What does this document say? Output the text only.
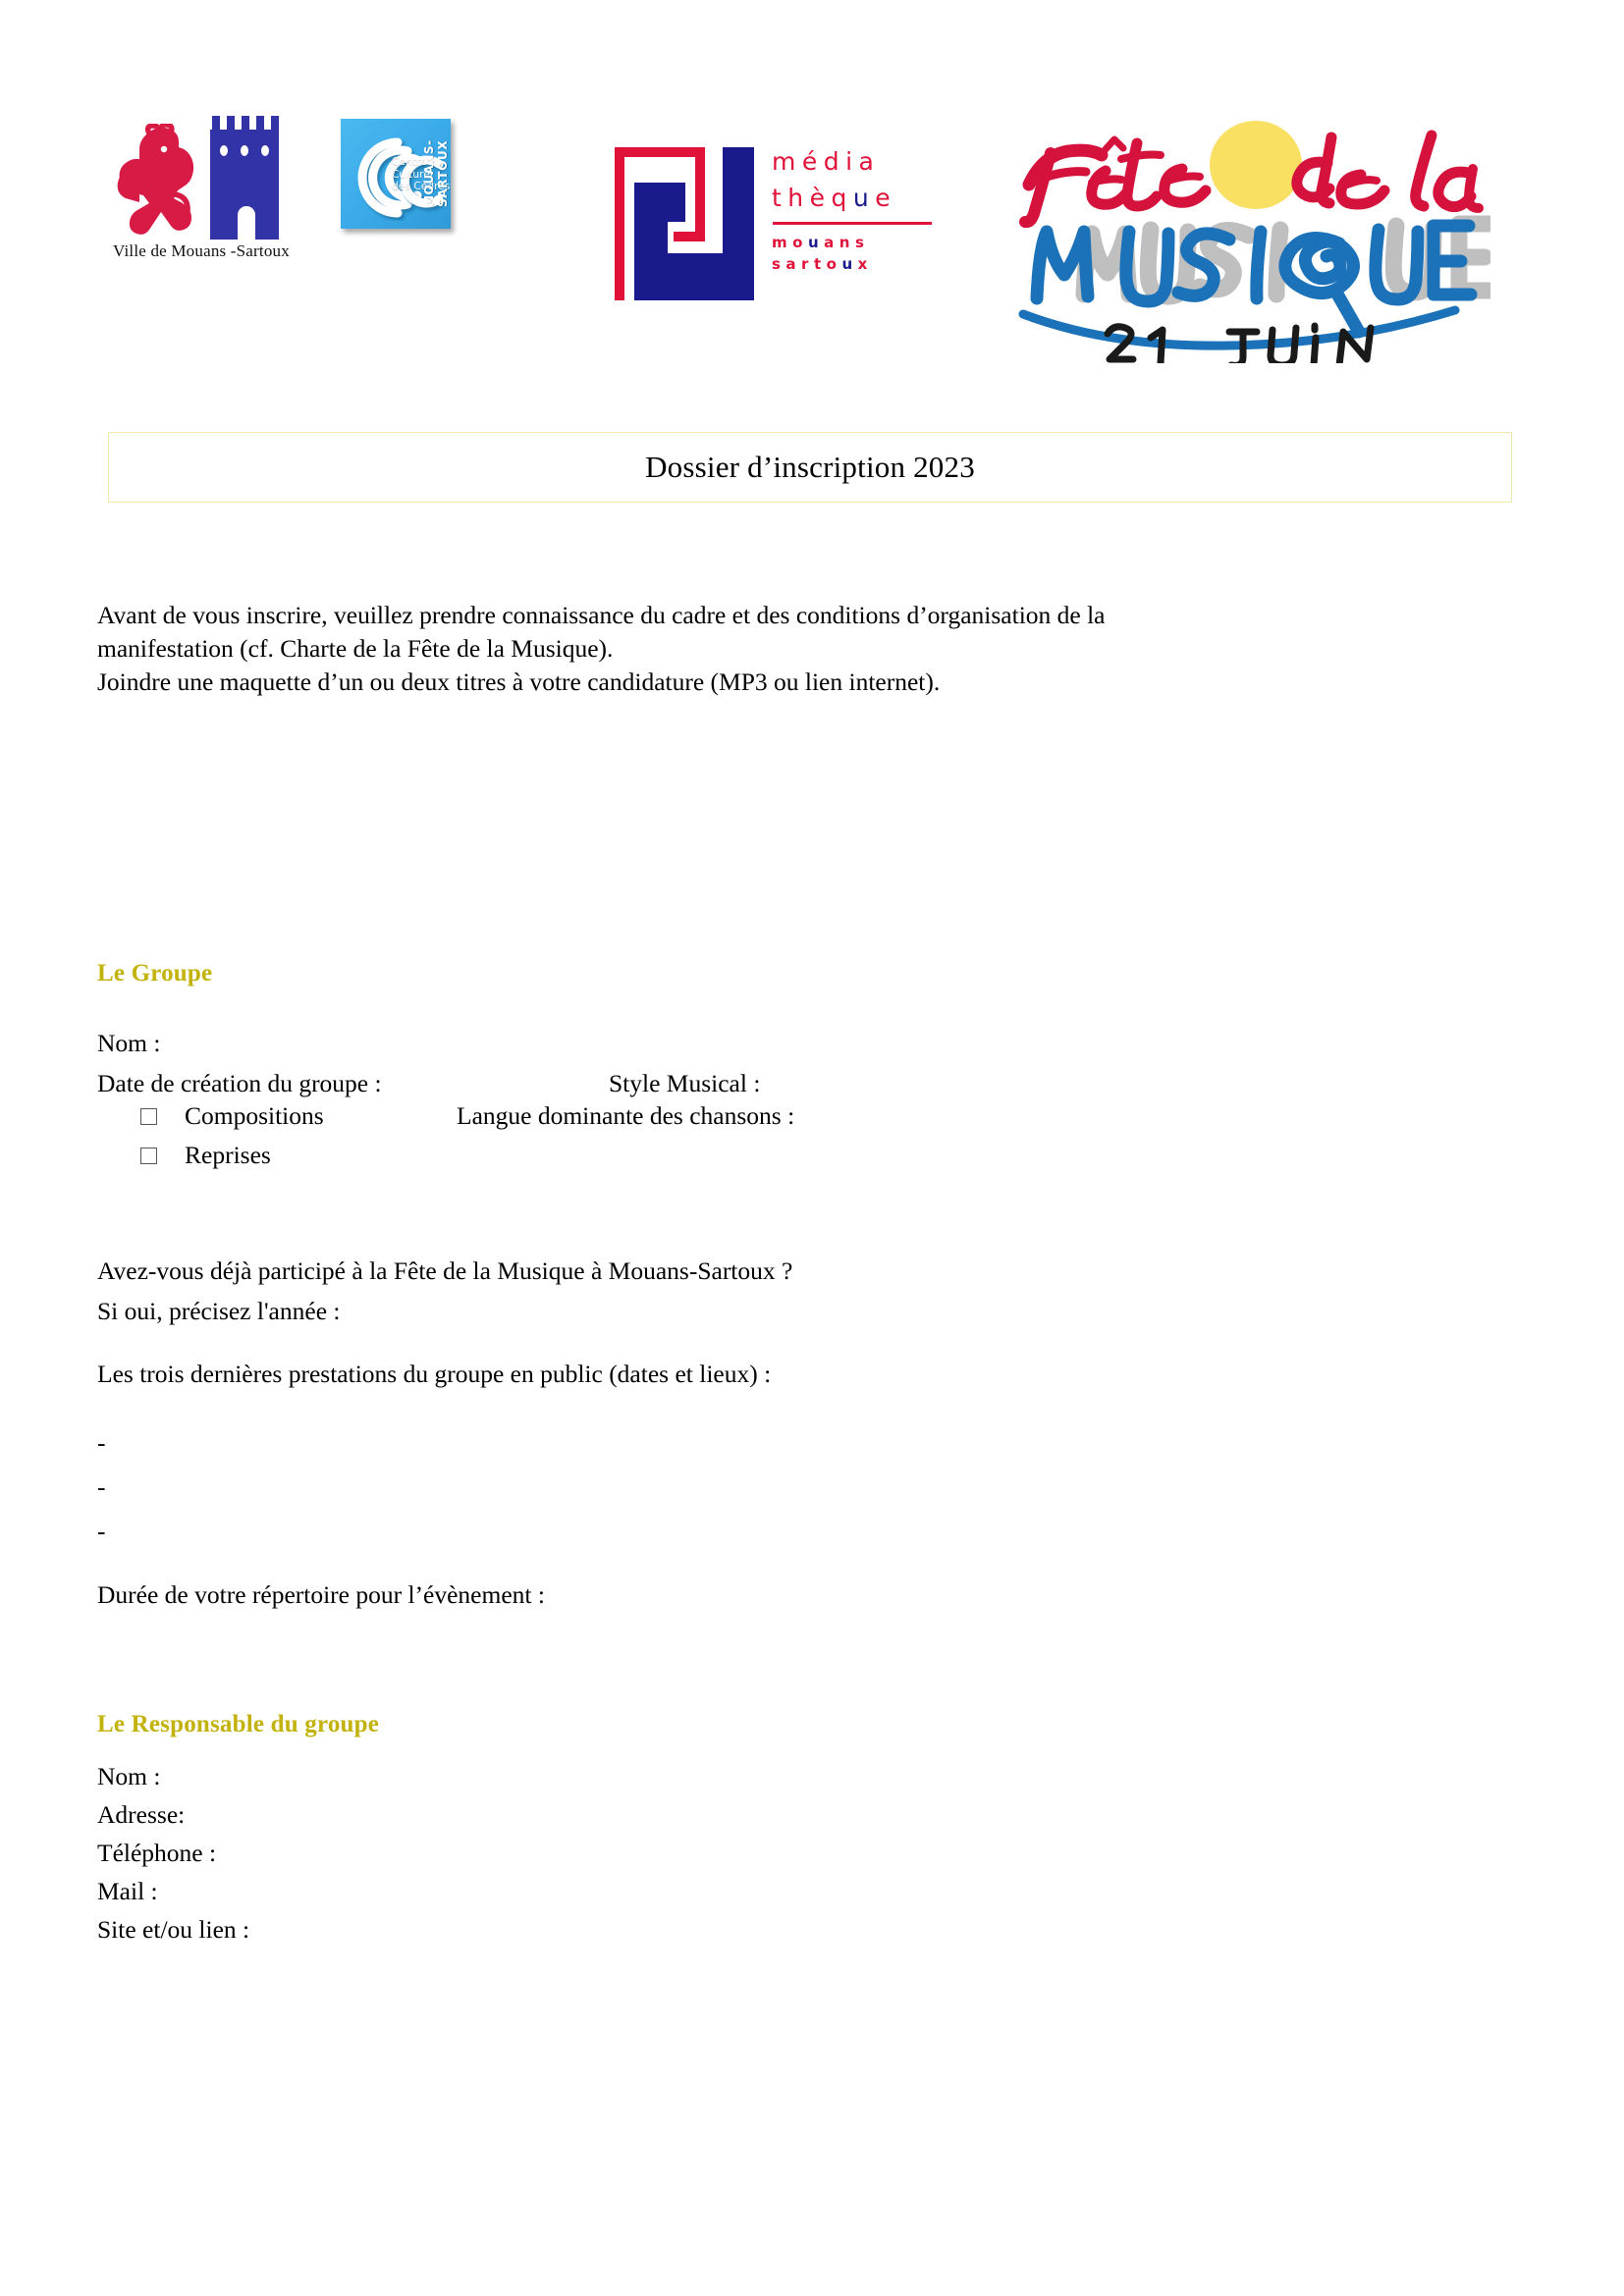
Ville de Mouans -Sartoux
Centre
Culturel
des Cèdres
MOUANS-SARTOUX	média
thèque
mouans
sartoux
Dossier d’inscription 2023

Avant de vous inscrire, veuillez prendre connaissance du cadre et des conditions d’organisation de la

manifestation (cf. Charte de la Fête de la Musique).

Joindre une maquette d’un ou deux titres à votre candidature (MP3 ou lien internet).

Le Groupe
Nom :
Date de création du groupe :	Style Musical :
Compositions	Langue dominante des chansons :
Reprises
Avez-vous déjà participé à la Fête de la Musique à Mouans-Sartoux ?
Si oui, précisez l'année :
Les trois dernières prestations du groupe en public (dates et lieux) :
-
-
-
Durée de votre répertoire pour l’évènement :
Le Responsable du groupe
Nom :
Adresse:
Téléphone :
Mail :
Site et/ou lien :
